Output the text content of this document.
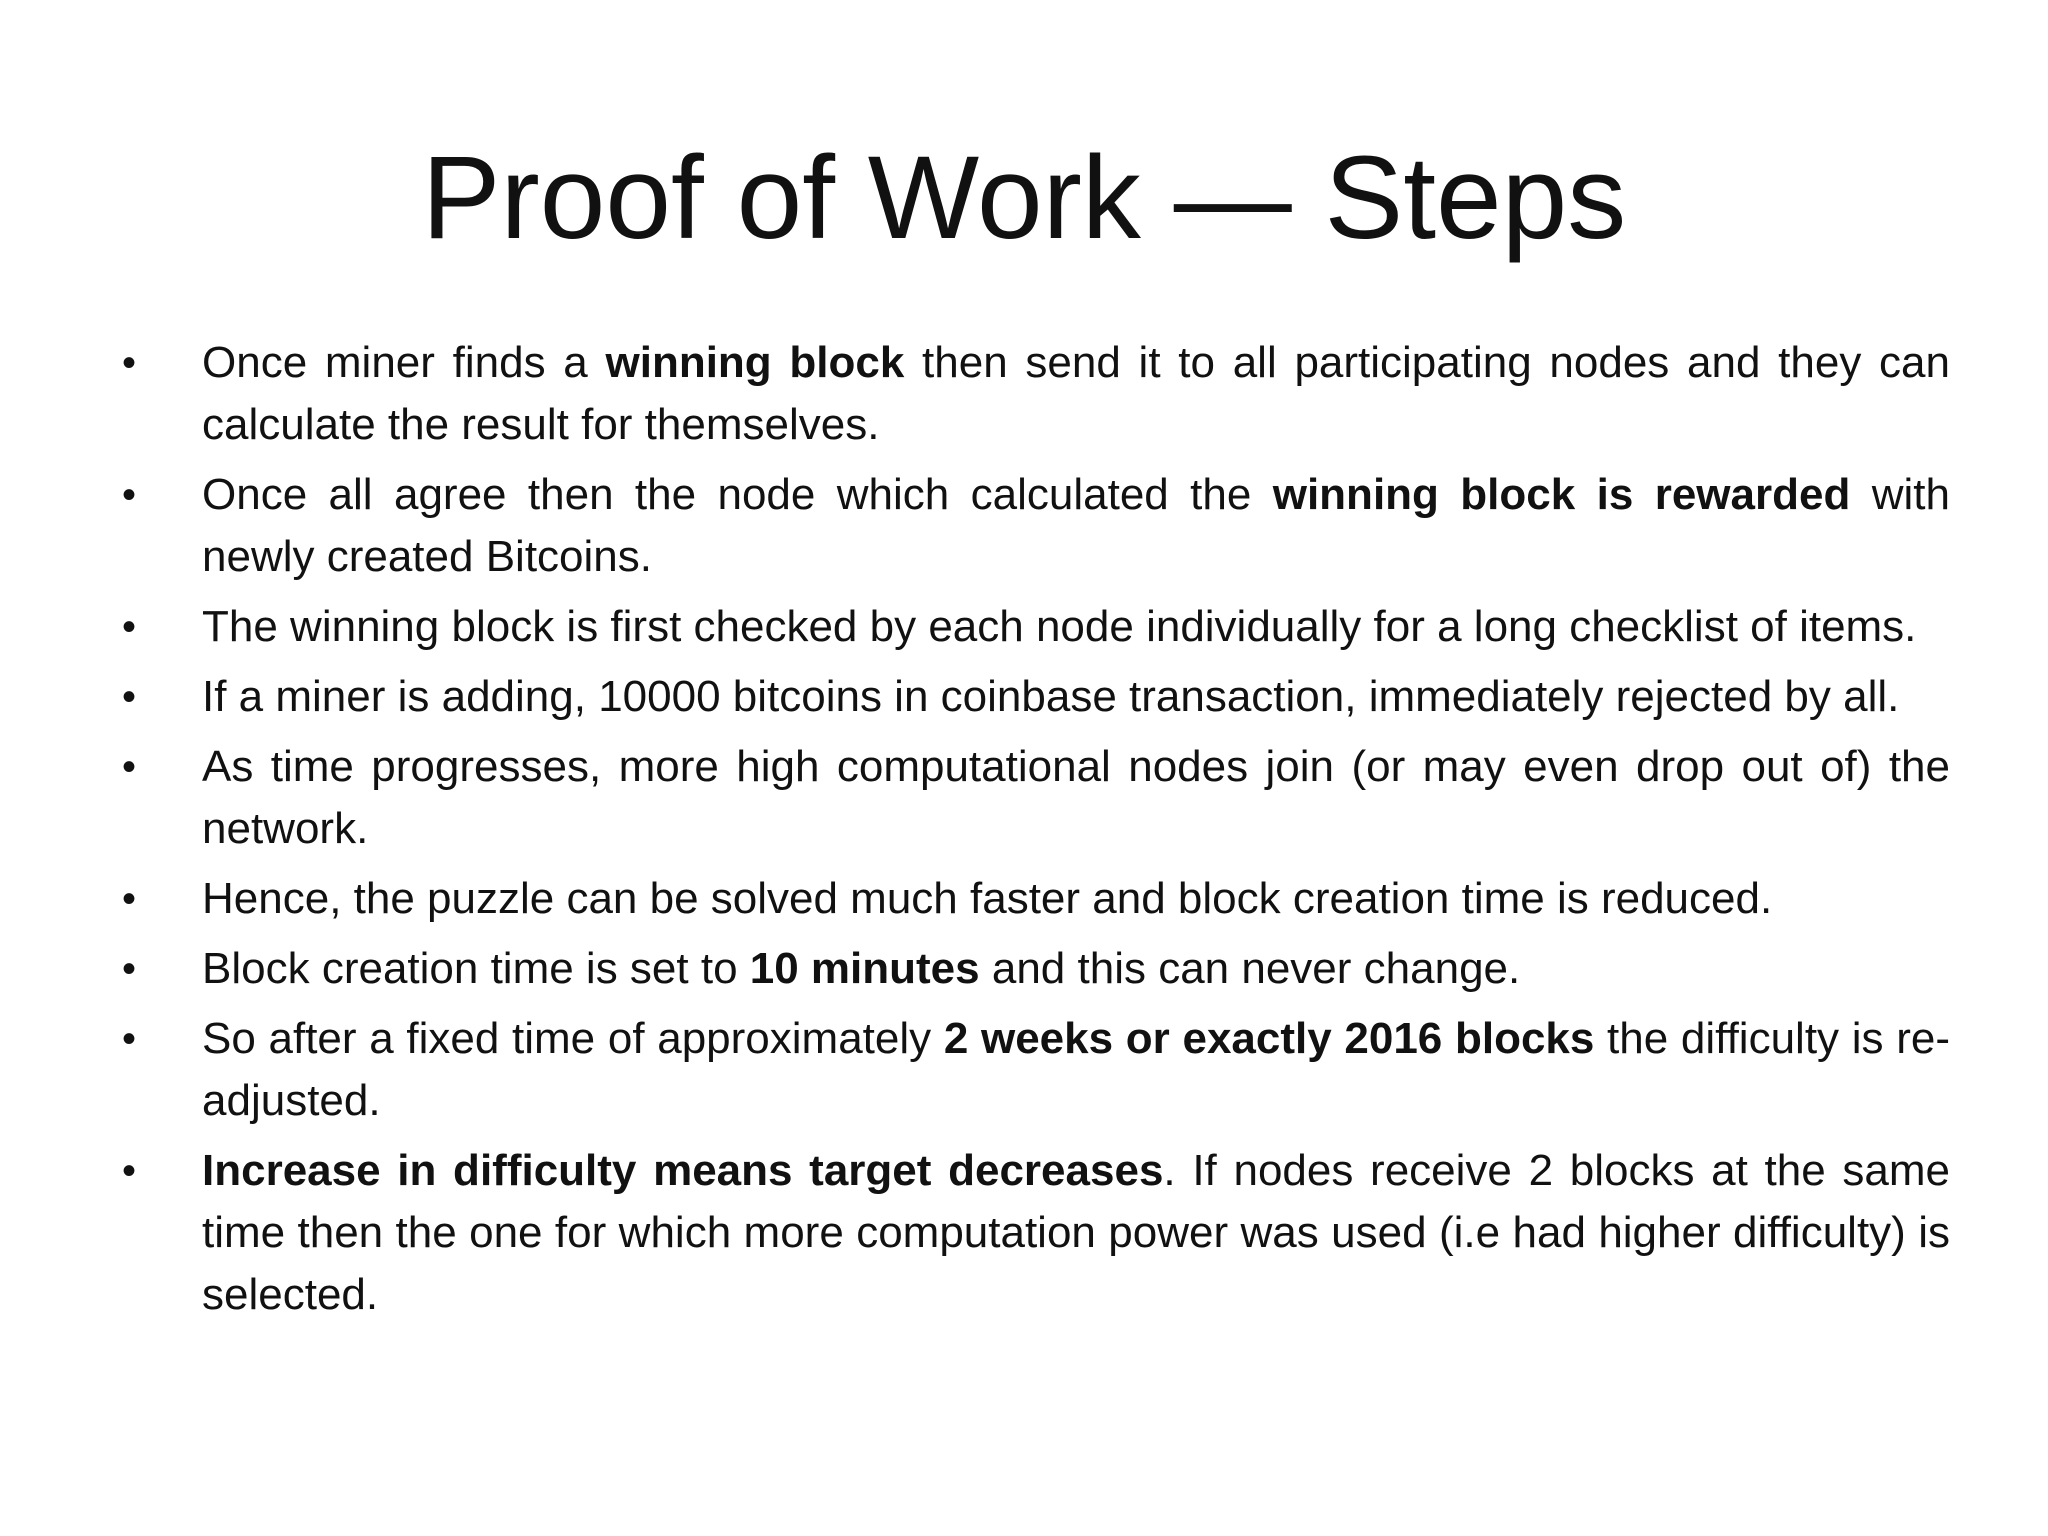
Proof of Work — Steps
•	Once miner finds a winning block then send it to all participating nodes and they can calculate the result for themselves.
•	Once all agree then the node which calculated the winning block is rewarded with newly created Bitcoins.
•	The winning block is first checked by each node individually for a long checklist of items.
•	If a miner is adding, 10000 bitcoins in coinbase transaction, immediately rejected by all.
•	As time progresses, more high computational nodes join (or may even drop out of) the network.
•	Hence, the puzzle can be solved much faster and block creation time is reduced.
•	Block creation time is set to 10 minutes and this can never change.
•	So after a fixed time of approximately 2 weeks or exactly 2016 blocks the difficulty is re-adjusted.
•	Increase in difficulty means target decreases. If nodes receive 2 blocks at the same time then the one for which more computation power was used (i.e had higher difficulty) is selected.
